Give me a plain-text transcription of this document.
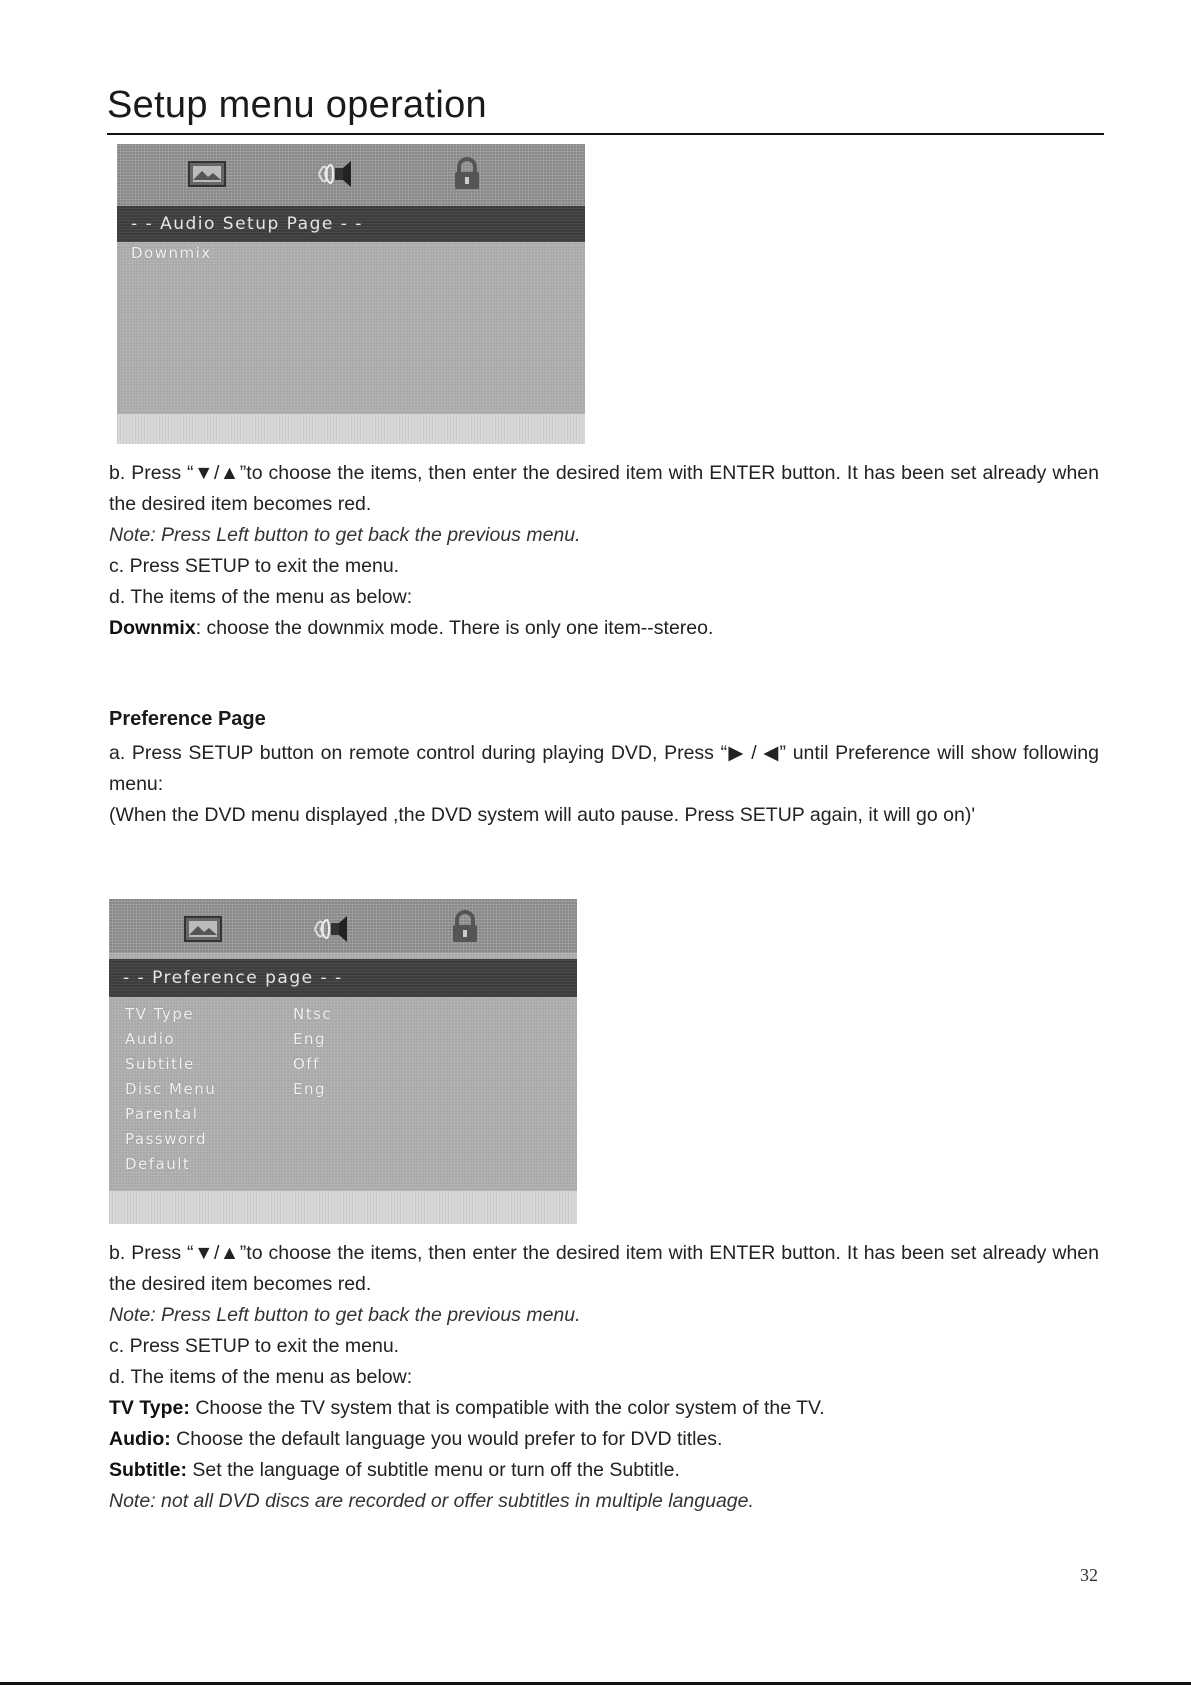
Setup menu operation
- - Audio Setup Page - -
Downmix

b. Press “▼/▲”to choose the items, then enter the desired item with ENTER button. It has been set already when the desired item becomes red.

Note: Press Left button to get back the previous menu.

c. Press SETUP to exit the menu.

d. The items of the menu as below:

Downmix: choose the downmix mode. There is only one item--stereo.

Preference Page

a. Press SETUP button on remote control during playing DVD, Press “▶ / ◀” until Preference will show following menu:

(When the DVD menu displayed ,the DVD system will auto pause. Press SETUP again, it will go on)'

- - Preference page - -
TV Type	Ntsc
Audio	Eng
Subtitle	Off
Disc Menu	Eng
Parental
Password
Default

b. Press “▼/▲”to choose the items, then enter the desired item with ENTER button. It has been set already when the desired item becomes red.

Note: Press Left button to get back the previous menu.

c. Press SETUP to exit the menu.

d. The items of the menu as below:

TV Type: Choose the TV system that is compatible with the color system of the TV.

Audio: Choose the default language you would prefer to for DVD titles.

Subtitle: Set the language of subtitle menu or turn off the Subtitle.

Note: not all DVD discs are recorded or offer subtitles in multiple language.

32
